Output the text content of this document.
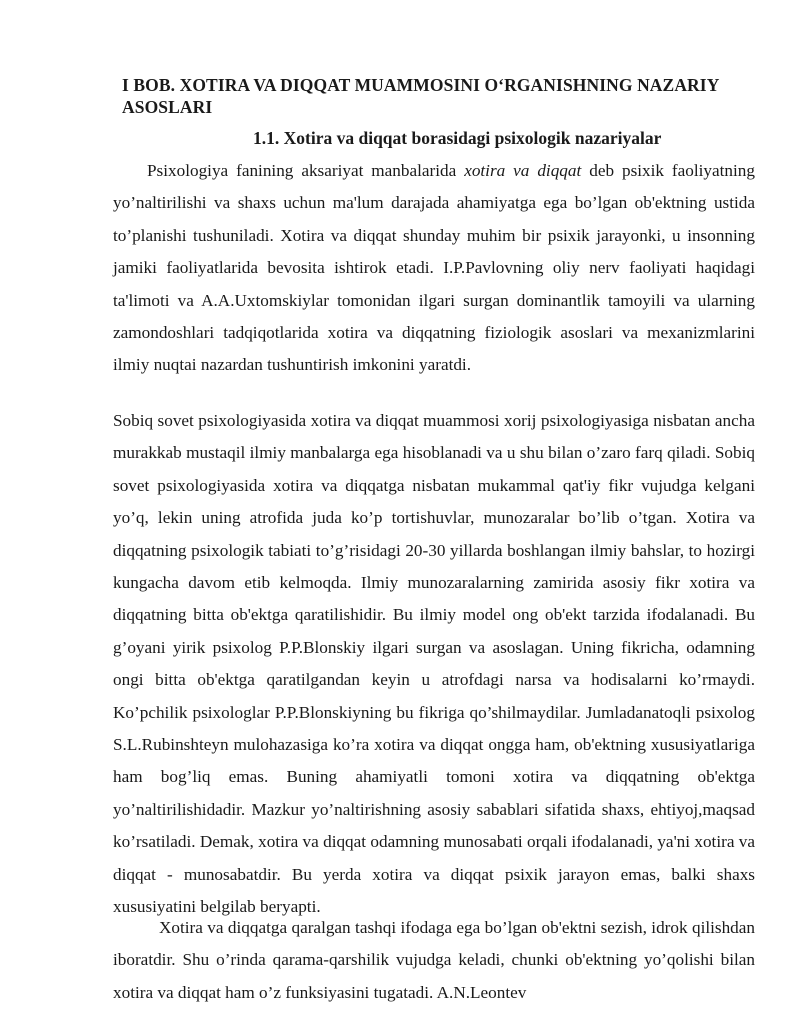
I BOB. XOTIRA VA DIQQAT MUAMMOSINI O‘RGANISHNING NAZARIY ASOSLARI
1.1. Xotira va diqqat borasidagi psixologik nazariyalar

Psixologiya fanining aksariyat manbalarida xotira va diqqat deb psixik faoliyatning yo’naltirilishi va shaxs uchun ma'lum darajada ahamiyatga ega bo’lgan ob'ektning ustida to’planishi tushuniladi. Xotira va diqqat shunday muhim bir psixik jarayonki, u insonning jamiki faoliyatlarida bevosita ishtirok etadi. I.P.Pavlovning oliy nerv faoliyati haqidagi ta'limoti va A.A.Uxtomskiylar tomonidan ilgari surgan dominantlik tamoyili va ularning zamondoshlari tadqiqotlarida xotira va diqqatning fiziologik asoslari va mexanizmlarini ilmiy nuqtai nazardan tushuntirish imkonini yaratdi.

Sobiq sovet psixologiyasida xotira va diqqat muammosi xorij psixologiyasiga nisbatan ancha murakkab mustaqil ilmiy manbalarga ega hisoblanadi va u shu bilan o’zaro farq qiladi. Sobiq sovet psixologiyasida xotira va diqqatga nisbatan mukammal qat'iy fikr vujudga kelgani yo’q, lekin uning atrofida juda ko’p tortishuvlar, munozaralar bo’lib o’tgan. Xotira va diqqatning psixologik tabiati to’g’risidagi 20-30 yillarda boshlangan ilmiy bahslar, to hozirgi kungacha davom etib kelmoqda. Ilmiy munozaralarning zamirida asosiy fikr xotira va diqqatning bitta ob'ektga qaratilishidir. Bu ilmiy model ong ob'ekt tarzida ifodalanadi. Bu g’oyani yirik psixolog P.P.Blonskiy ilgari surgan va asoslagan. Uning fikricha, odamning ongi bitta ob'ektga qaratilgandan keyin u atrofdagi narsa va hodisalarni ko’rmaydi. Ko’pchilik psixologlar P.P.Blonskiyning bu fikriga qo’shilmaydilar. Jumladanatoqli psixolog S.L.Rubinshteyn mulohazasiga ko’ra xotira va diqqat ongga ham, ob'ektning xususiyatlariga ham bog’liq emas. Buning ahamiyatli tomoni xotira va diqqatning ob'ektga yo’naltirilishidadir. Mazkur yo’naltirishning asosiy sabablari sifatida shaxs, ehtiyoj,maqsad ko’rsatiladi. Demak, xotira va diqqat odamning munosabati orqali ifodalanadi, ya'ni xotira va diqqat - munosabatdir. Bu yerda xotira va diqqat psixik jarayon emas, balki shaxs xususiyatini belgilab beryapti.

Xotira va diqqatga qaralgan tashqi ifodaga ega bo’lgan ob'ektni sezish, idrok qilishdan iboratdir. Shu o’rinda qarama-qarshilik vujudga keladi, chunki ob'ektning yo’qolishi bilan xotira va diqqat ham o’z funksiyasini tugatadi. A.N.Leontev
